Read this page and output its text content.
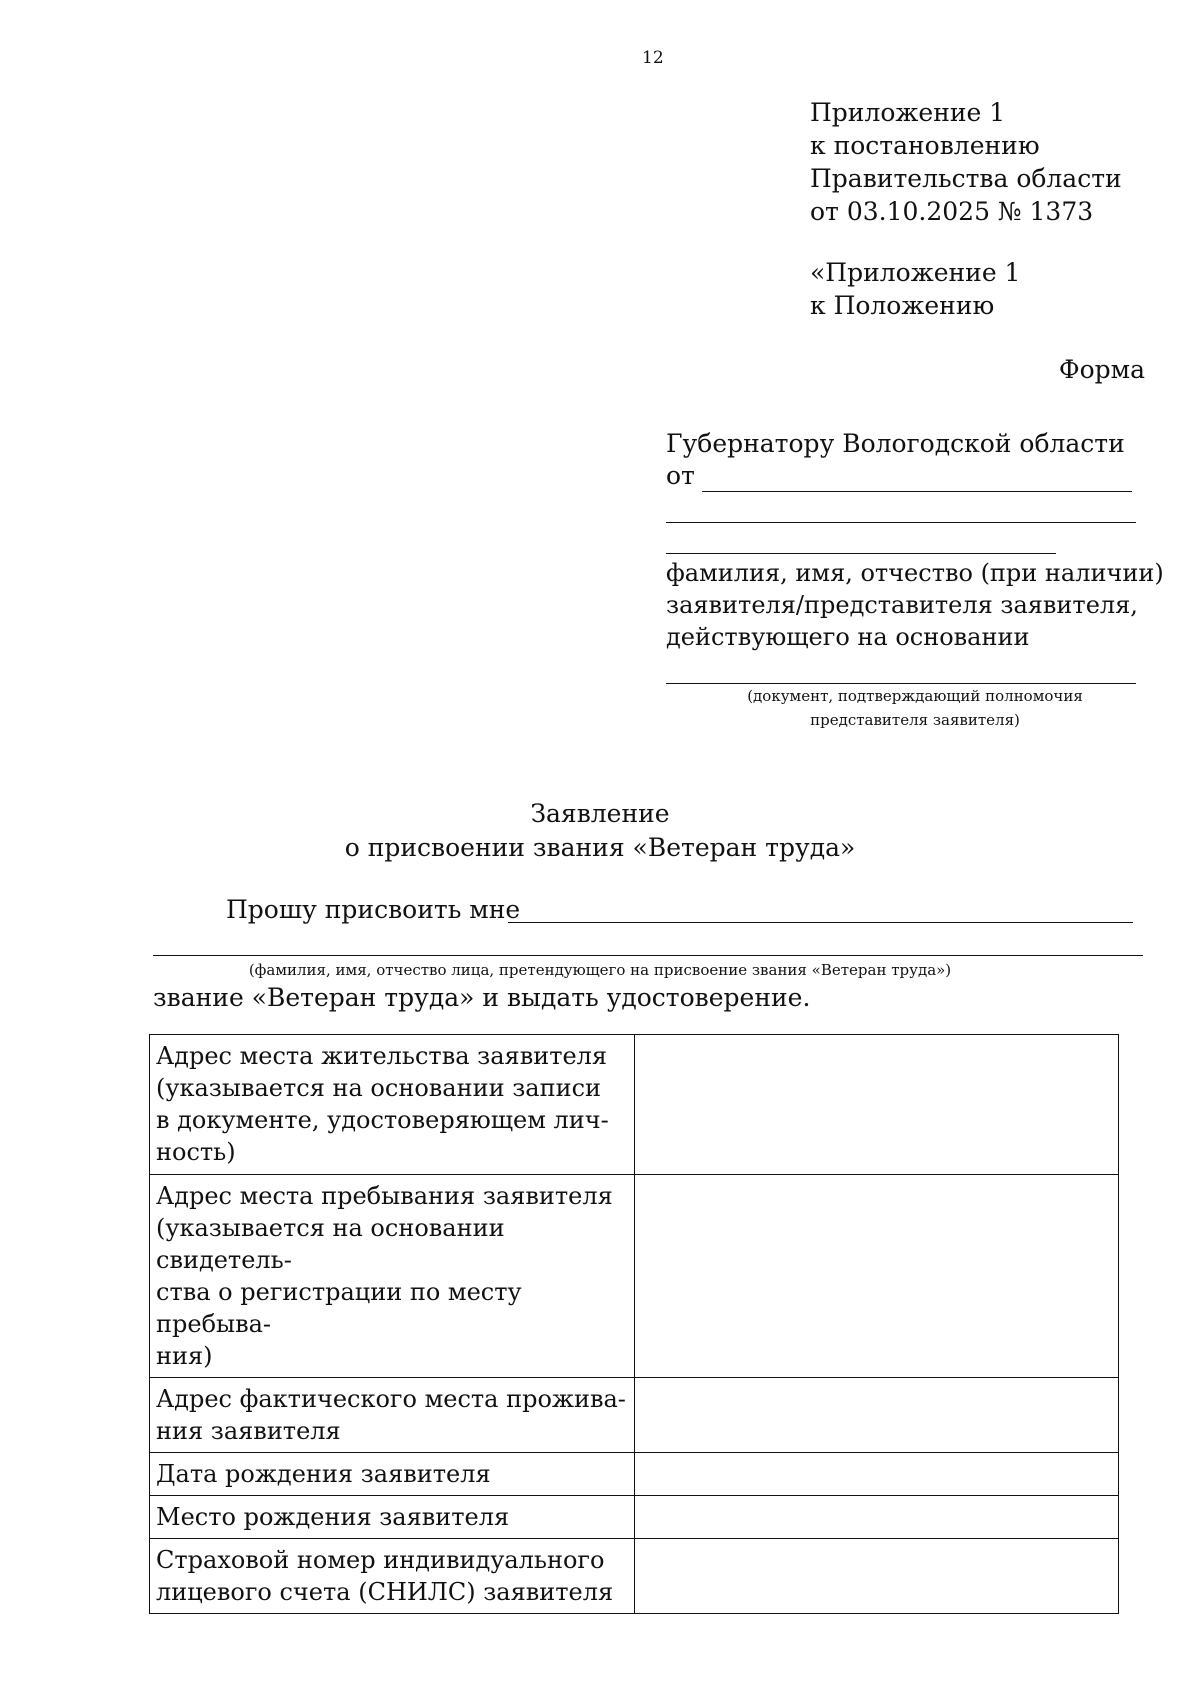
12
Приложение 1
к постановлению
Правительства области
от 03.10.2025 № 1373
«Приложение 1
к Положению
Форма
Губернатору Вологодской области
от
фамилия, имя, отчество (при наличии)
заявителя/представителя заявителя,
действующего на основании
(документ, подтверждающий полномочия
представителя заявителя)
Заявление
о присвоении звания «Ветеран труда»
Прошу присвоить мне
(фамилия, имя, отчество лица, претендующего на присвоение звания «Ветеран труда»)
звание «Ветеран труда» и выдать удостоверение.
Адрес места жительства заявителя
(указывается на основании записи
в документе, удостоверяющем лич-
ность)	

Адрес места пребывания заявителя
(указывается на основании свидетель-
ства о регистрации по месту пребыва-
ния)	

Адрес фактического места прожива-
ния заявителя	

Дата рождения заявителя	

Место рождения заявителя	

Страховой номер индивидуального
лицевого счета (СНИЛС) заявителя	
